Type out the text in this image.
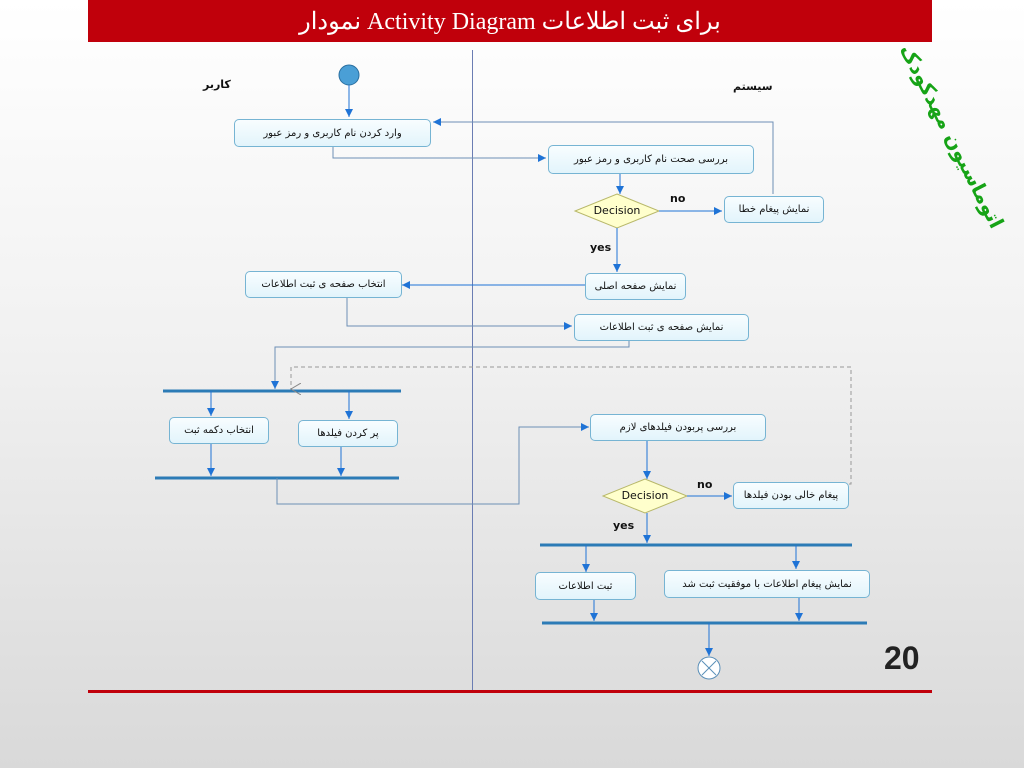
نمودار Activity Diagram برای ثبت اطلاعات
اتوماسیون مهدکودک
کاربر	سیستم
وارد کردن نام کاربری و رمز عبور
بررسی صحت نام کاربری و رمز عبور
نمایش پیغام خطا
نمایش صفحه اصلی
انتخاب صفحه ی ثبت اطلاعات
نمایش صفحه ی ثبت اطلاعات
انتخاب دکمه ثبت	پر کردن فیلدها
بررسی پربودن فیلدهای لازم
پیغام خالی بودن فیلدها
ثبت اطلاعات	نمایش پیغام اطلاعات با موفقیت ثبت شد
Decision
Decision
no
yes
no
yes
20
